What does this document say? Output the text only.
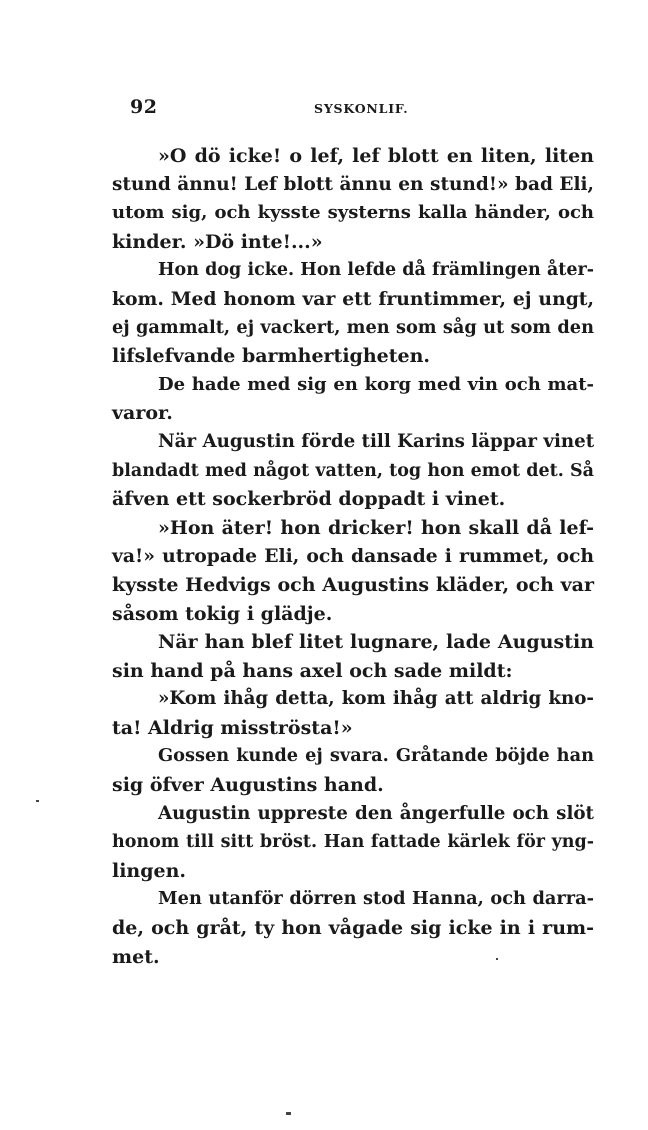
92	SYSKONLIF.
»O dö icke! o lef, lef blott en liten, liten
stund ännu! Lef blott ännu en stund!» bad Eli,
utom sig, och kysste systerns kalla händer, och
kinder. »Dö inte!...»
Hon dog icke. Hon lefde då främlingen åter-
kom. Med honom var ett fruntimmer, ej ungt,
ej gammalt, ej vackert, men som såg ut som den
lifslefvande barmhertigheten.
De hade med sig en korg med vin och mat-
varor.
När Augustin förde till Karins läppar vinet
blandadt med något vatten, tog hon emot det. Så
äfven ett sockerbröd doppadt i vinet.
»Hon äter! hon dricker! hon skall då lef-
va!» utropade Eli, och dansade i rummet, och
kysste Hedvigs och Augustins kläder, och var
såsom tokig i glädje.
När han blef litet lugnare, lade Augustin
sin hand på hans axel och sade mildt:
»Kom ihåg detta, kom ihåg att aldrig kno-
ta! Aldrig misströsta!»
Gossen kunde ej svara. Gråtande böjde han
sig öfver Augustins hand.
Augustin uppreste den ångerfulle och slöt
honom till sitt bröst. Han fattade kärlek för yng-
lingen.
Men utanför dörren stod Hanna, och darra-
de, och gråt, ty hon vågade sig icke in i rum-
met.
